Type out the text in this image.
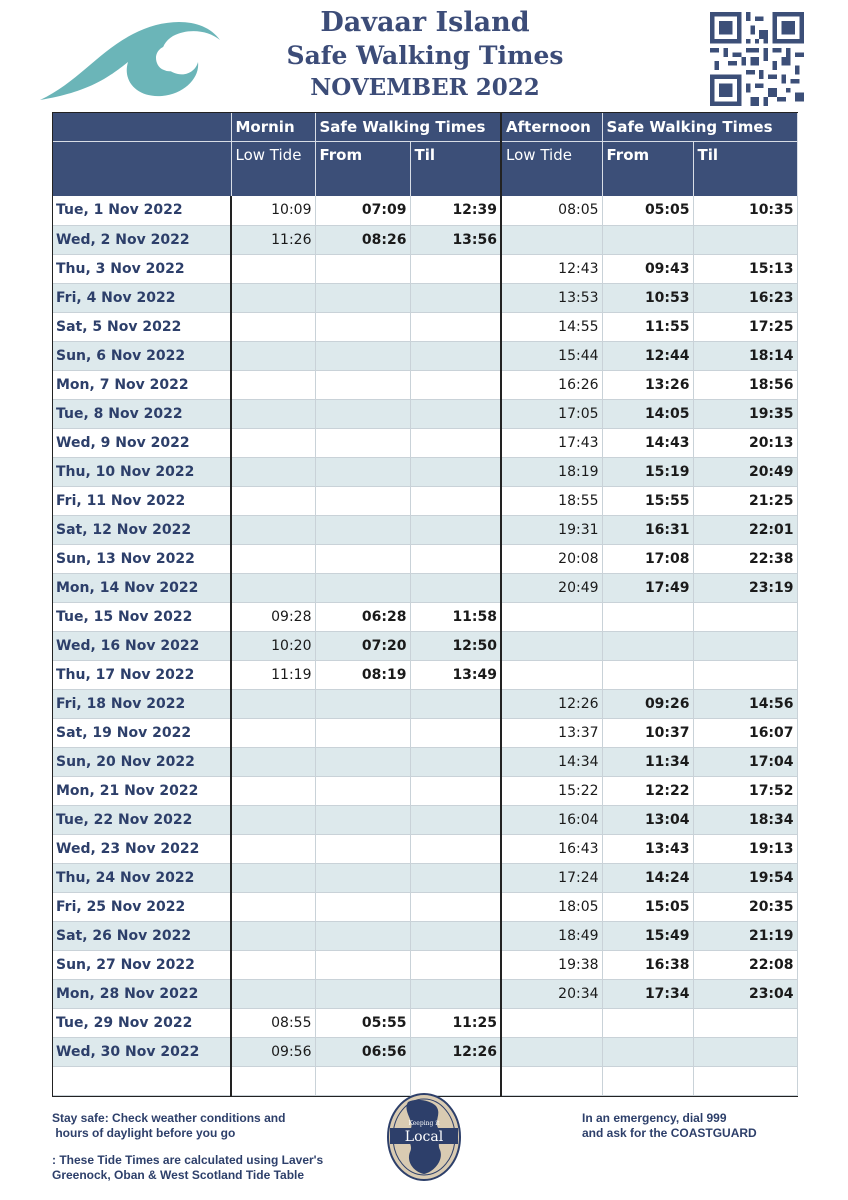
Davaar Island
Safe Walking Times
NOVEMBER 2022
	Mornin	Safe Walking Times		Afternoon	Safe Walking Times	
	Low Tide	From	Til	Low Tide	From	Til
Tue, 1 Nov 2022	10:09	07:09	12:39	08:05	05:05	10:35
Wed, 2 Nov 2022	11:26	08:26	13:56			
Thu, 3 Nov 2022				12:43	09:43	15:13
Fri, 4 Nov 2022				13:53	10:53	16:23
Sat, 5 Nov 2022				14:55	11:55	17:25
Sun, 6 Nov 2022				15:44	12:44	18:14
Mon, 7 Nov 2022				16:26	13:26	18:56
Tue, 8 Nov 2022				17:05	14:05	19:35
Wed, 9 Nov 2022				17:43	14:43	20:13
Thu, 10 Nov 2022				18:19	15:19	20:49
Fri, 11 Nov 2022				18:55	15:55	21:25
Sat, 12 Nov 2022				19:31	16:31	22:01
Sun, 13 Nov 2022				20:08	17:08	22:38
Mon, 14 Nov 2022				20:49	17:49	23:19
Tue, 15 Nov 2022	09:28	06:28	11:58			
Wed, 16 Nov 2022	10:20	07:20	12:50			
Thu, 17 Nov 2022	11:19	08:19	13:49			
Fri, 18 Nov 2022				12:26	09:26	14:56
Sat, 19 Nov 2022				13:37	10:37	16:07
Sun, 20 Nov 2022				14:34	11:34	17:04
Mon, 21 Nov 2022				15:22	12:22	17:52
Tue, 22 Nov 2022				16:04	13:04	18:34
Wed, 23 Nov 2022				16:43	13:43	19:13
Thu, 24 Nov 2022				17:24	14:24	19:54
Fri, 25 Nov 2022				18:05	15:05	20:35
Sat, 26 Nov 2022				18:49	15:49	21:19
Sun, 27 Nov 2022				19:38	16:38	22:08
Mon, 28 Nov 2022				20:34	17:34	23:04
Tue, 29 Nov 2022	08:55	05:55	11:25			
Wed, 30 Nov 2022	09:56	06:56	12:26			

Stay safe: Check weather conditions and
hours of daylight before you go
: These Tide Times are calculated using Laver's
Greenock, Oban & West Scotland Tide Table
Keeping it
Local
In an emergency, dial 999
and ask for the COASTGUARD
